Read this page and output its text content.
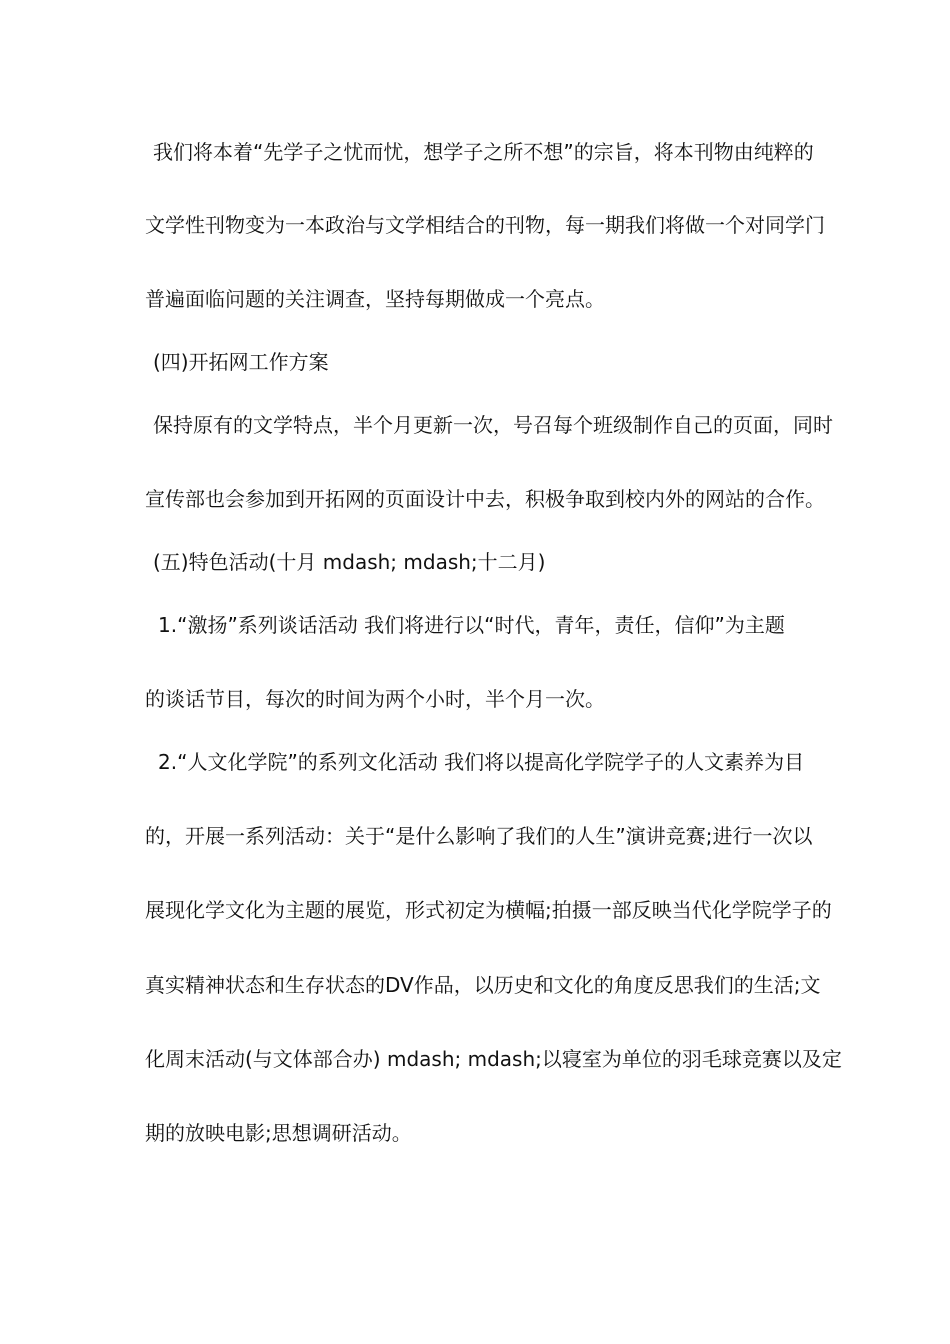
我们将本着“先学子之忧而忧，想学子之所不想”的宗旨，将本刊物由纯粹的
文学性刊物变为一本政治与文学相结合的刊物，每一期我们将做一个对同学门
普遍面临问题的关注调查，坚持每期做成一个亮点。
(四)开拓网工作方案
保持原有的文学特点，半个月更新一次，号召每个班级制作自己的页面，同时
宣传部也会参加到开拓网的页面设计中去，积极争取到校内外的网站的合作。
(五)特色活动(十月 mdash; mdash;十二月)
1.“激扬”系列谈话活动 我们将进行以“时代，青年，责任，信仰”为主题
的谈话节目，每次的时间为两个小时，半个月一次。
2.“人文化学院”的系列文化活动 我们将以提高化学院学子的人文素养为目
的，开展一系列活动：关于“是什么影响了我们的人生”演讲竞赛;进行一次以
展现化学文化为主题的展览，形式初定为横幅;拍摄一部反映当代化学院学子的
真实精神状态和生存状态的DV作品，以历史和文化的角度反思我们的生活;文
化周末活动(与文体部合办) mdash; mdash;以寝室为单位的羽毛球竞赛以及定
期的放映电影;思想调研活动。
